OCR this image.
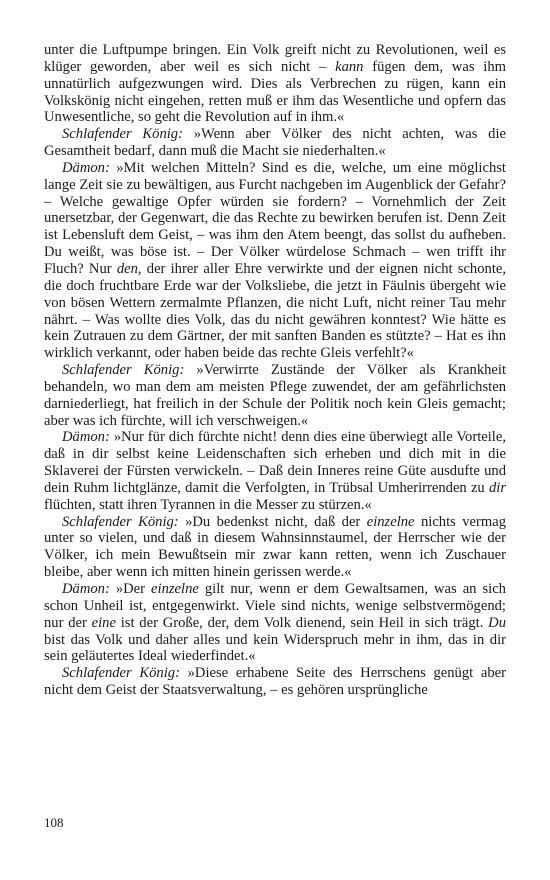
unter die Luftpumpe bringen. Ein Volk greift nicht zu Revolutionen, weil es klüger geworden, aber weil es sich nicht – kann fügen dem, was ihm unnatürlich aufgezwungen wird. Dies als Verbrechen zu rügen, kann ein Volkskönig nicht eingehen, retten muß er ihm das Wesentliche und opfern das Unwesentliche, so geht die Revolution auf in ihm.«

Schlafender König: »Wenn aber Völker des nicht achten, was die Gesamtheit bedarf, dann muß die Macht sie niederhalten.«

Dämon: »Mit welchen Mitteln? Sind es die, welche, um eine möglichst lange Zeit sie zu bewältigen, aus Furcht nachgeben im Augenblick der Gefahr? – Welche gewaltige Opfer würden sie fordern? – Vornehmlich der Zeit unersetzbar, der Gegenwart, die das Rechte zu bewirken berufen ist. Denn Zeit ist Lebensluft dem Geist, – was ihm den Atem beengt, das sollst du aufheben. Du weißt, was böse ist. – Der Völker würdelose Schmach – wen trifft ihr Fluch? Nur den, der ihrer aller Ehre verwirkte und der eignen nicht schonte, die doch fruchtbare Erde war der Volksliebe, die jetzt in Fäulnis übergeht wie von bösen Wettern zermalmte Pflanzen, die nicht Luft, nicht reiner Tau mehr nährt. – Was wollte dies Volk, das du nicht gewähren konntest? Wie hätte es kein Zutrauen zu dem Gärtner, der mit sanften Banden es stützte? – Hat es ihn wirklich verkannt, oder haben beide das rechte Gleis verfehlt?«

Schlafender König: »Verwirrte Zustände der Völker als Krankheit behandeln, wo man dem am meisten Pflege zuwendet, der am gefährlichsten darniederliegt, hat freilich in der Schule der Politik noch kein Gleis gemacht; aber was ich fürchte, will ich verschweigen.«

Dämon: »Nur für dich fürchte nicht! denn dies eine überwiegt alle Vorteile, daß in dir selbst keine Leidenschaften sich erheben und dich mit in die Sklaverei der Fürsten verwickeln. – Daß dein Inneres reine Güte ausdufte und dein Ruhm lichtglänze, damit die Verfolgten, in Trübsal Umherirrenden zu dir flüchten, statt ihren Tyrannen in die Messer zu stürzen.«

Schlafender König: »Du bedenkst nicht, daß der einzelne nichts vermag unter so vielen, und daß in diesem Wahnsinnstaumel, der Herrscher wie der Völker, ich mein Bewußtsein mir zwar kann retten, wenn ich Zuschauer bleibe, aber wenn ich mitten hinein gerissen werde.«

Dämon: »Der einzelne gilt nur, wenn er dem Gewaltsamen, was an sich schon Unheil ist, entgegenwirkt. Viele sind nichts, wenige selbstvermögend; nur der eine ist der Große, der, dem Volk dienend, sein Heil in sich trägt. Du bist das Volk und daher alles und kein Widerspruch mehr in ihm, das in dir sein geläutertes Ideal wiederfindet.«

Schlafender König: »Diese erhabene Seite des Herrschens genügt aber nicht dem Geist der Staatsverwaltung, – es gehören ursprüngliche

108
